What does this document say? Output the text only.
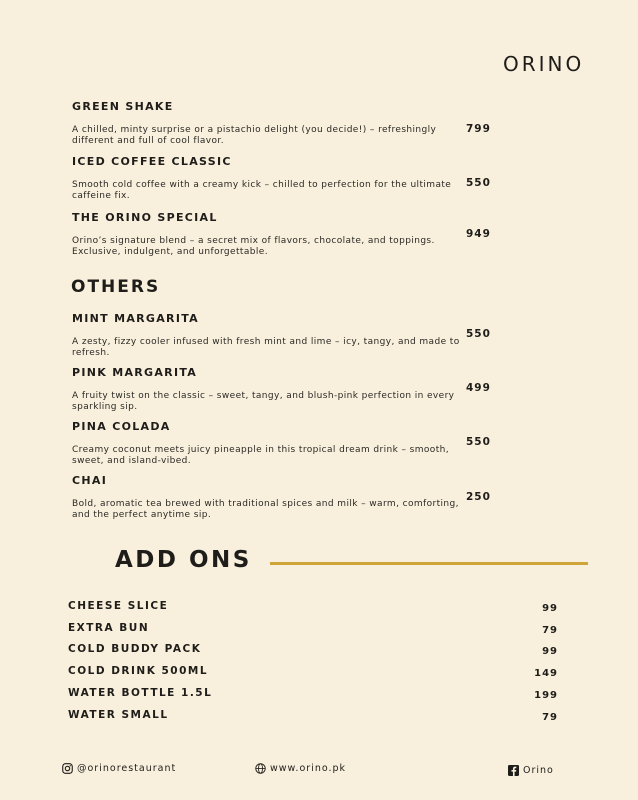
ORINO
GREEN SHAKE
A chilled, minty surprise or a pistachio delight (you decide!) – refreshingly different and full of cool flavor.
799
ICED COFFEE CLASSIC
Smooth cold coffee with a creamy kick – chilled to perfection for the ultimate caffeine fix.
550
THE ORINO SPECIAL
Orino’s signature blend – a secret mix of flavors, chocolate, and toppings. Exclusive, indulgent, and unforgettable.
949
OTHERS
MINT MARGARITA
A zesty, fizzy cooler infused with fresh mint and lime – icy, tangy, and made to refresh.
550
PINK MARGARITA
A fruity twist on the classic – sweet, tangy, and blush-pink perfection in every sparkling sip.
499
PINA COLADA
Creamy coconut meets juicy pineapple in this tropical dream drink – smooth, sweet, and island-vibed.
550
CHAI
Bold, aromatic tea brewed with traditional spices and milk – warm, comforting, and the perfect anytime sip.
250
ADD ONS
CHEESE SLICE	99
EXTRA BUN	79
COLD BUDDY PACK	99
COLD DRINK 500ML	149
WATER BOTTLE 1.5L	199
WATER SMALL	79
@orinorestaurant	www.orino.pk	Orino
